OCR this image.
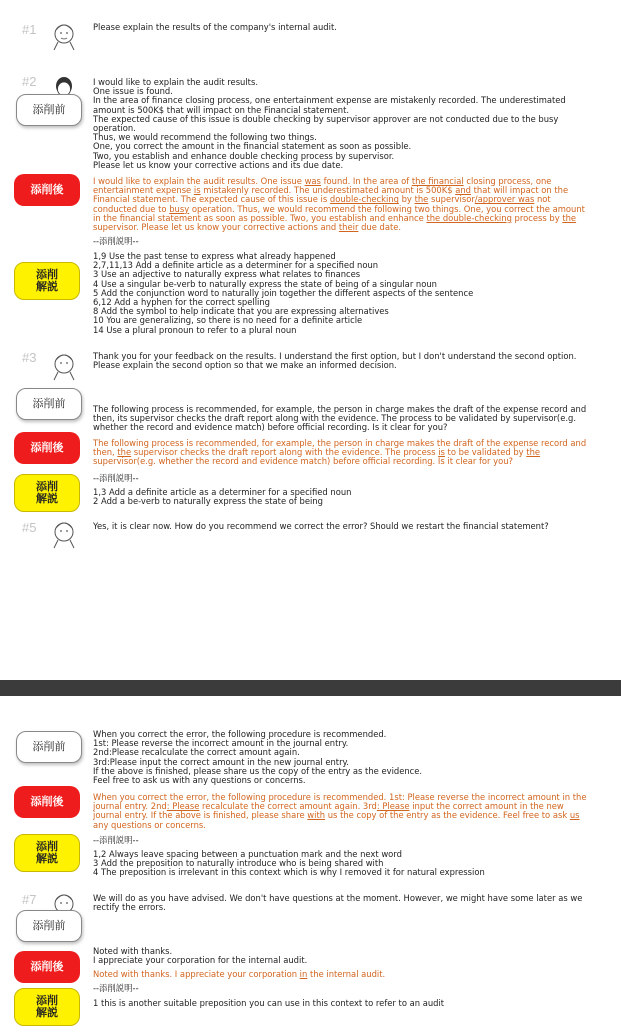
#1	Please explain the results of the company's internal audit.
#2
添削前

I would like to explain the audit results.

One issue is found.

In the area of finance closing process, one entertainment expense are mistakenly recorded. The underestimated amount is 500K$ that will impact on the Financial statement.

The expected cause of this issue is double checking by supervisor approver are not conducted due to the busy operation.

Thus, we would recommend the following two things.

One, you correct the amount in the financial statement as soon as possible.

Two, you establish and enhance double checking process by supervisor.

Please let us know your corrective actions and its due date.

添削後
I would like to explain the audit results. One issue was found. In the area of the financial closing process, one entertainment expense is mistakenly recorded. The underestimated amount is 500K$ and that will impact on the Financial statement. The expected cause of this issue is double-checking by the supervisor/approver was not conducted due to busy operation. Thus, we would recommend the following two things. One, you correct the amount in the financial statement as soon as possible. Two, you establish and enhance the double-checking process by the supervisor. Please let us know your corrective actions and their due date.
--添削説明--
添削
解説

1,9 Use the past tense to express what already happened

2,7,11,13 Add a definite article as a determiner for a specified noun

3 Use an adjective to naturally express what relates to finances

4 Use a singular be-verb to naturally express the state of being of a singular noun

5 Add the conjunction word to naturally join together the different aspects of the sentence

6,12 Add a hyphen for the correct spelling

8 Add the symbol to help indicate that you are expressing alternatives

10 You are generalizing, so there is no need for a definite article

14 Use a plural pronoun to refer to a plural noun

#3	Thank you for your feedback on the results. I understand the first option, but I don't understand the second option. Please explain the second option so that we make an informed decision.
添削前	The following process is recommended, for example, the person in charge makes the draft of the expense record and then, its supervisor checks the draft report along with the evidence. The process to be validated by supervisor(e.g. whether the record and evidence match) before official recording. Is it clear for you?
添削後	The following process is recommended, for example, the person in charge makes the draft of the expense record and then, the supervisor checks the draft report along with the evidence. The process is to be validated by the supervisor(e.g. whether the record and evidence match) before official recording. Is it clear for you?
--添削説明--
添削
解説	1,3 Add a definite article as a determiner for a specified noun

2 Add a be-verb to naturally express the state of being

#5	Yes, it is clear now. How do you recommend we correct the error? Should we restart the financial statement?
添削前

When you correct the error, the following procedure is recommended.

1st: Please reverse the incorrect amount in the journal entry.

2nd:Please recalculate the correct amount again.

3rd:Please input the correct amount in the new journal entry.

If the above is finished, please share us the copy of the entry as the evidence.

Feel free to ask us with any questions or concerns.

添削後	When you correct the error, the following procedure is recommended. 1st: Please reverse the incorrect amount in the journal entry. 2nd: Please recalculate the correct amount again. 3rd: Please input the correct amount in the new journal entry. If the above is finished, please share with us the copy of the entry as the evidence. Feel free to ask us any questions or concerns.
--添削説明--
添削
解説	1,2 Always leave spacing between a punctuation mark and the next word

3 Add the preposition to naturally introduce who is being shared with

4 The preposition is irrelevant in this context which is why I removed it for natural expression

#7	We will do as you have advised. We don't have questions at the moment. However, we might have some later as we rectify the errors.
添削前

Noted with thanks.

I appreciate your corporation for the internal audit.

添削後
Noted with thanks. I appreciate your corporation in the internal audit.
--添削説明--
添削
解説

1 this is another suitable preposition you can use in this context to refer to an audit
